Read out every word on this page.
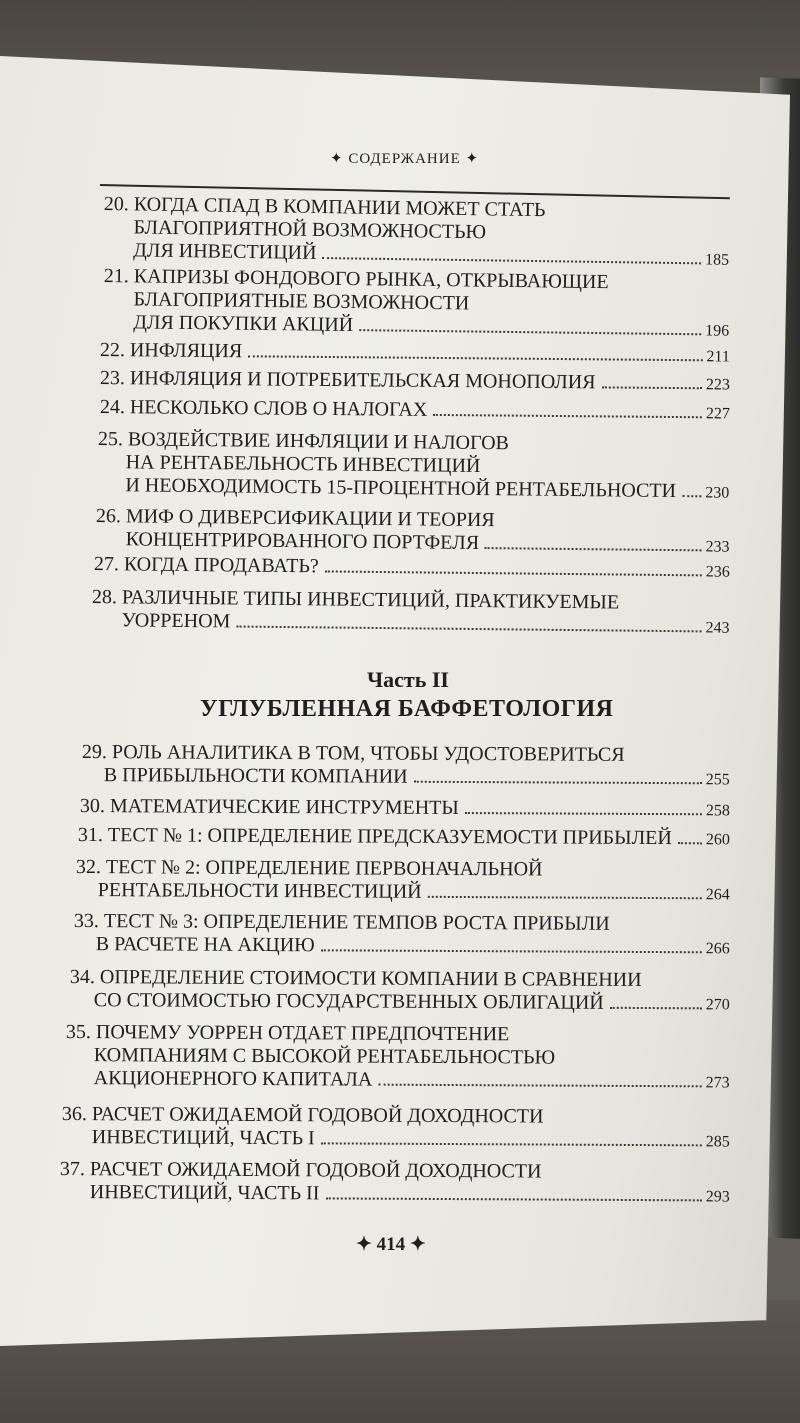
✦ СОДЕРЖАНИЕ ✦
20. КОГДА СПАД В КОМПАНИИ МОЖЕТ СТАТЬ
БЛАГОПРИЯТНОЙ ВОЗМОЖНОСТЬЮ
ДЛЯ ИНВЕСТИЦИЙ	185
21. КАПРИЗЫ ФОНДОВОГО РЫНКА, ОТКРЫВАЮЩИЕ
БЛАГОПРИЯТНЫЕ ВОЗМОЖНОСТИ
ДЛЯ ПОКУПКИ АКЦИЙ	196
22. ИНФЛЯЦИЯ	211
23. ИНФЛЯЦИЯ И ПОТРЕБИТЕЛЬСКАЯ МОНОПОЛИЯ	223
24. НЕСКОЛЬКО СЛОВ О НАЛОГАХ	227
25. ВОЗДЕЙСТВИЕ ИНФЛЯЦИИ И НАЛОГОВ
НА РЕНТАБЕЛЬНОСТЬ ИНВЕСТИЦИЙ
И НЕОБХОДИМОСТЬ 15-ПРОЦЕНТНОЙ РЕНТАБЕЛЬНОСТИ 230
26. МИФ О ДИВЕРСИФИКАЦИИ И ТЕОРИЯ
КОНЦЕНТРИРОВАННОГО ПОРТФЕЛЯ	233
27. КОГДА ПРОДАВАТЬ?	236
28. РАЗЛИЧНЫЕ ТИПЫ ИНВЕСТИЦИЙ, ПРАКТИКУЕМЫЕ
УОРРЕНОМ	243
Часть II
УГЛУБЛЕННАЯ БАФФЕТОЛОГИЯ
29. РОЛЬ АНАЛИТИКА В ТОМ, ЧТОБЫ УДОСТОВЕРИТЬСЯ
В ПРИБЫЛЬНОСТИ КОМПАНИИ	255
30. МАТЕМАТИЧЕСКИЕ ИНСТРУМЕНТЫ	258
31. ТЕСТ № 1: ОПРЕДЕЛЕНИЕ ПРЕДСКАЗУЕМОСТИ ПРИБЫЛЕЙ 260
32. ТЕСТ № 2: ОПРЕДЕЛЕНИЕ ПЕРВОНАЧАЛЬНОЙ
РЕНТАБЕЛЬНОСТИ ИНВЕСТИЦИЙ	264
33. ТЕСТ № 3: ОПРЕДЕЛЕНИЕ ТЕМПОВ РОСТА ПРИБЫЛИ
В РАСЧЕТЕ НА АКЦИЮ	266
34. ОПРЕДЕЛЕНИЕ СТОИМОСТИ КОМПАНИИ В СРАВНЕНИИ
СО СТОИМОСТЬЮ ГОСУДАРСТВЕННЫХ ОБЛИГАЦИЙ	270
35. ПОЧЕМУ УОРРЕН ОТДАЕТ ПРЕДПОЧТЕНИЕ
КОМПАНИЯМ С ВЫСОКОЙ РЕНТАБЕЛЬНОСТЬЮ
АКЦИОНЕРНОГО КАПИТАЛА	273
36. РАСЧЕТ ОЖИДАЕМОЙ ГОДОВОЙ ДОХОДНОСТИ
ИНВЕСТИЦИЙ, ЧАСТЬ I	285
37. РАСЧЕТ ОЖИДАЕМОЙ ГОДОВОЙ ДОХОДНОСТИ
ИНВЕСТИЦИЙ, ЧАСТЬ II	293
✦ 414 ✦
